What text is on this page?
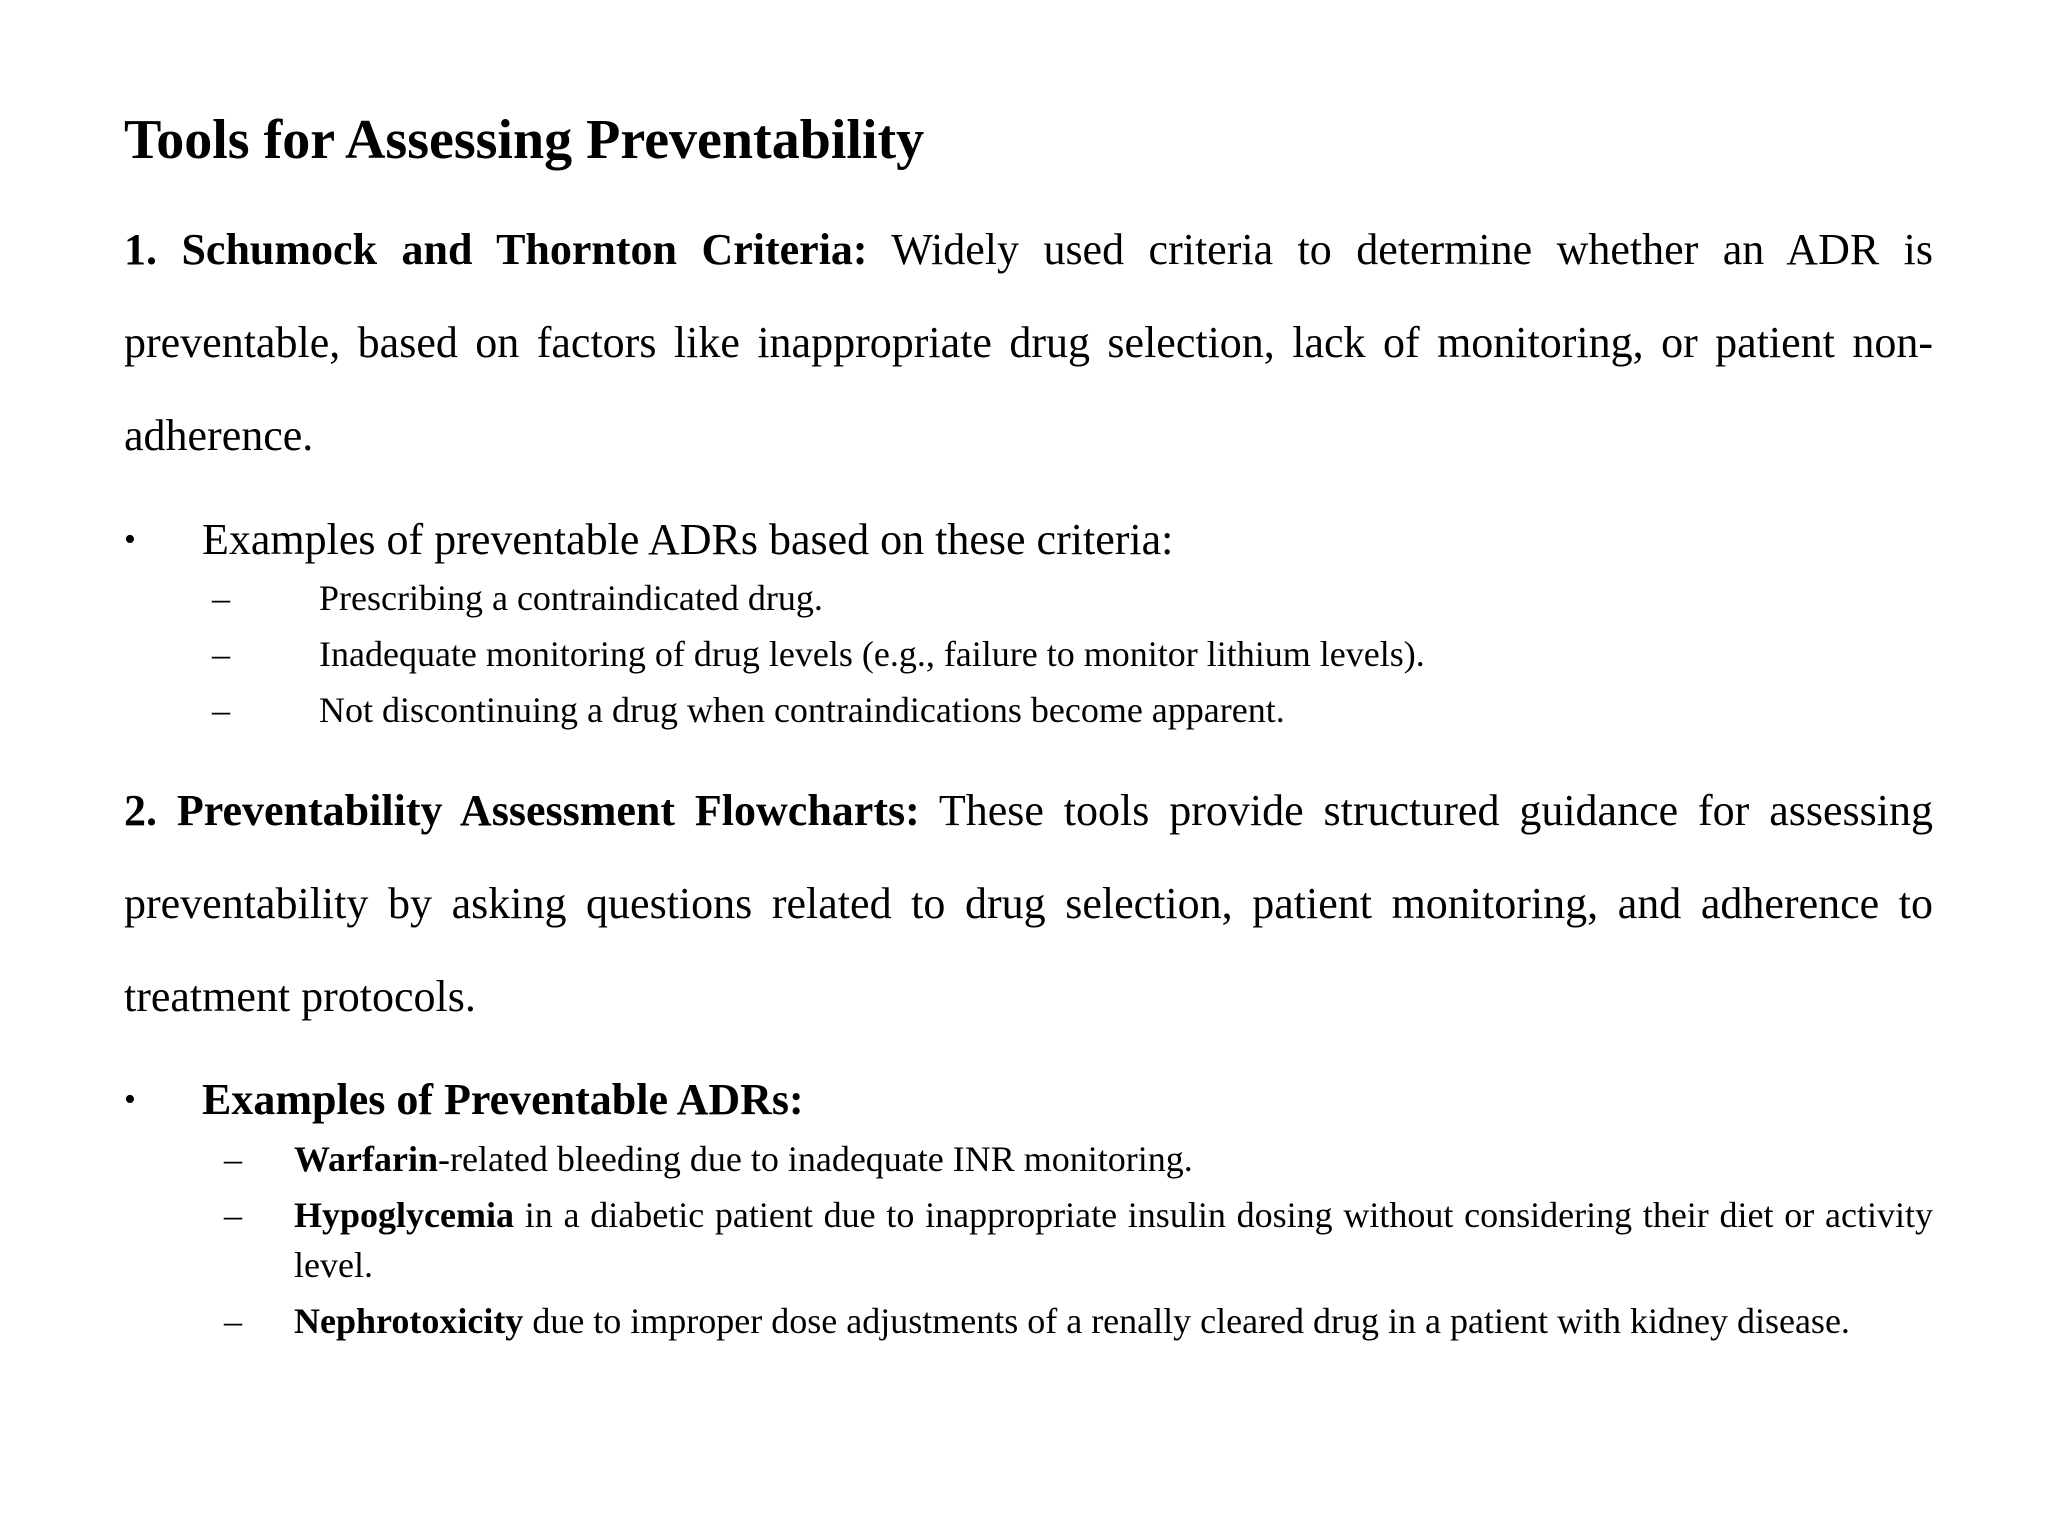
Tools for Assessing Preventability
1. Schumock and Thornton Criteria: Widely used criteria to determine whether an ADR is preventable, based on factors like inappropriate drug selection, lack of monitoring, or patient non-adherence.
• Examples of preventable ADRs based on these criteria:
– Prescribing a contraindicated drug.
– Inadequate monitoring of drug levels (e.g., failure to monitor lithium levels).
– Not discontinuing a drug when contraindications become apparent.
2. Preventability Assessment Flowcharts: These tools provide structured guidance for assessing preventability by asking questions related to drug selection, patient monitoring, and adherence to treatment protocols.
• Examples of Preventable ADRs:
– Warfarin-related bleeding due to inadequate INR monitoring.
– Hypoglycemia in a diabetic patient due to inappropriate insulin dosing without considering their diet or activity level.
– Nephrotoxicity due to improper dose adjustments of a renally cleared drug in a patient with kidney disease.
